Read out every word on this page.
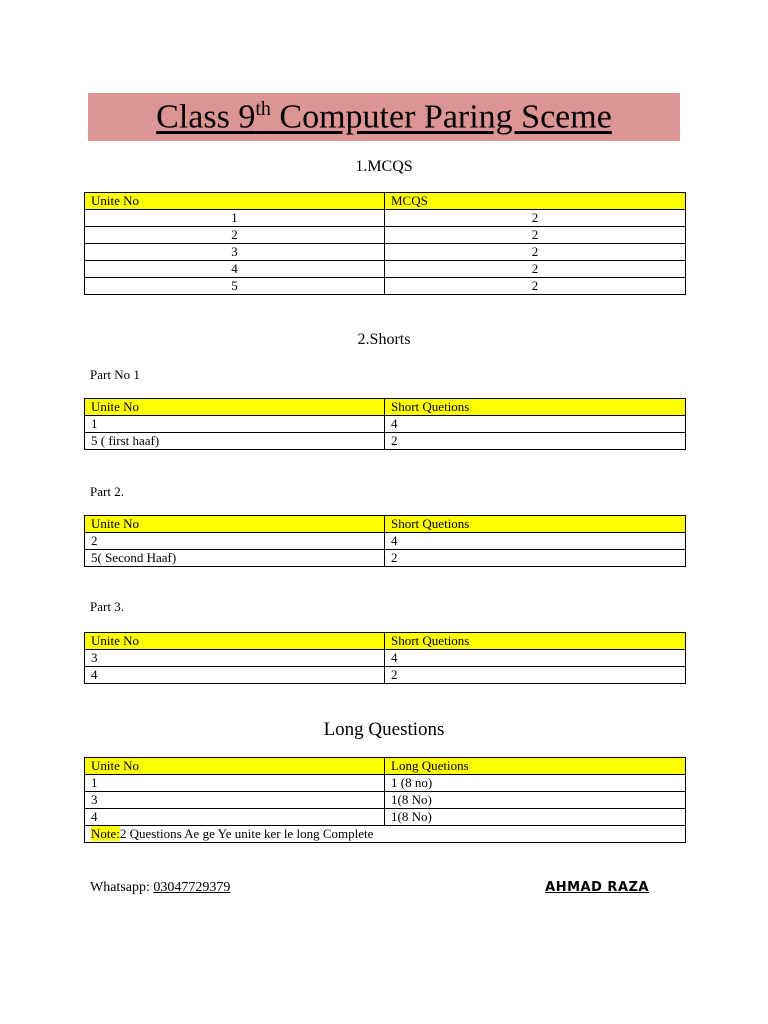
Class 9th Computer Paring Sceme
1.MCQS
Unite No	MCQS
1	2
2	2
3	2
4	2
5	2
2.Shorts
Part No 1
Unite No	Short Quetions
1	4
5 ( first haaf)	2
Part 2.
Unite No	Short Quetions
2	4
5( Second Haaf)	2
Part 3.
Unite No	Short Quetions
3	4
4	2
Long Questions
Unite No	Long Quetions
1	1 (8 no)
3	1(8 No)
4	1(8 No)
Note:2 Questions Ae ge Ye unite ker le long Complete	
Whatsapp: 03047729379	AHMAD RAZA
